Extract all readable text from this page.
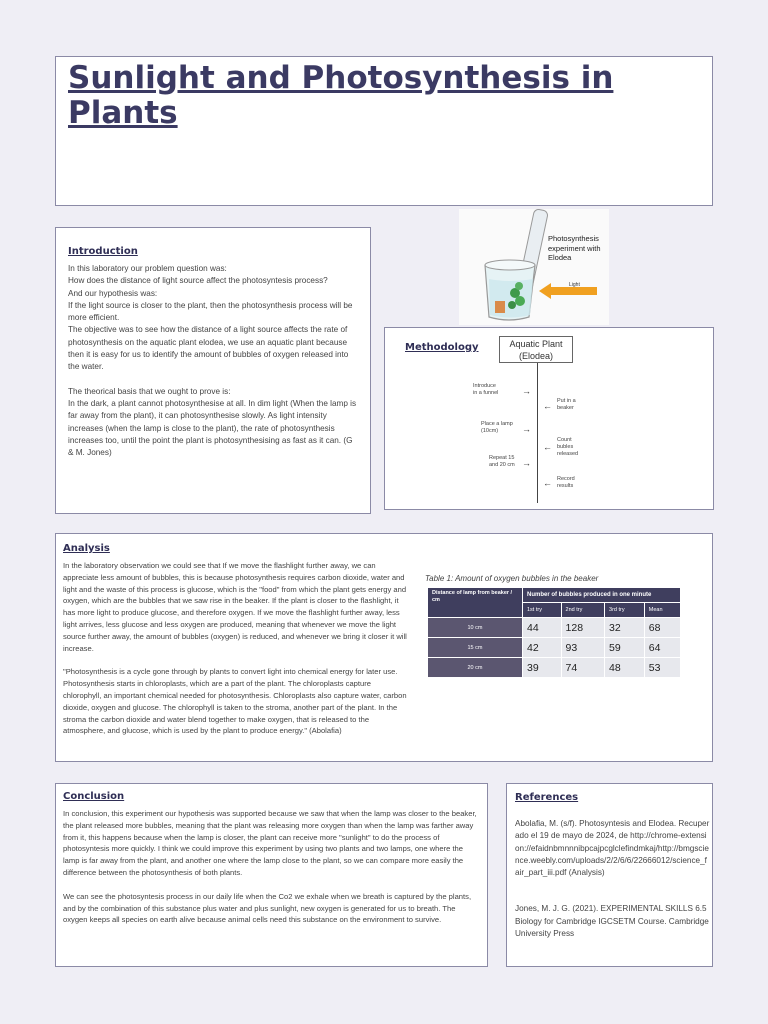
Sunlight and Photosynthesis in Plants

Introduction

In this laboratory our problem question was:
How does the distance of light source affect the photosyntesis process?
And our hypothesis was:
If the light source is closer to the plant, then the photosynthesis process will be more efficient.
The objective was to see how the distance of a light source affects the rate of photosynthesis on the aquatic plant elodea, we use an aquatic plant because then it is easy for us to identify the amount of bubbles of oxygen released into the water.

The theorical basis that we ought to prove is:
In the dark, a plant cannot photosynthesise at all. In dim light (When the lamp is far away from the plant), it can photosynthesise slowly. As light intensity increases (when the lamp is close to the plant), the rate of photosynthesis increases too, until the point the plant is photosynthesising as fast as it can. (G & M. Jones)

Light
Photosynthesis experiment with Elodea

Methodology	Aquatic Plant
(Elodea)
Introduce
in a funnel	→
Put in a
beaker
←
Place a lamp
(10cm)	→
Count
bubles
released
←
Repeat 15
and 20 cm →
Record
results
←

Analysis

In the laboratory observation we could see that If we move the flashlight further away, we can appreciate less amount of bubbles, this is because photosynthesis requires carbon dioxide, water and light and the waste of this process is glucose, which is the "food" from which the plant gets energy and oxygen, which are the bubbles that we saw rise in the beaker. If the plant is closer to the flashlight, it has more light to produce glucose, and therefore oxygen. If we move the flashlight further away, less light arrives, less glucose and less oxygen are produced, meaning that whenever we move the light source further away, the amount of bubbles (oxygen) is reduced, and whenever we bring it closer it will increase.

"Photosynthesis is a cycle gone through by plants to convert light into chemical energy for later use. Photosynthesis starts in chloroplasts, which are a part of the plant. The chloroplasts capture chlorophyll, an important chemical needed for photosynthesis. Chloroplasts also capture water, carbon dioxide, oxygen and glucose. The chlorophyll is taken to the stroma, another part of the plant. In the stroma the carbon dioxide and water blend together to make oxygen, that is released to the atmosphere, and glucose, which is used by the plant to produce energy." (Abolafia)

Table 1: Amount of oxygen bubbles in the beaker
Distance of lamp from beaker / cm	Number of bubbles produced in one minute			
	1st try	2nd try	3rd try	Mean
10 cm	44	128	32	68
15 cm	42	93	59	64
20 cm	39	74	48	53

Conclusion

In conclusion, this experiment our hypothesis was supported because we saw that when the lamp was closer to the beaker, the plant released more bubbles, meaning that the plant was releasing more oxygen than when the lamp was farther away from it, this happens because when the lamp is closer, the plant can receive more "sunlight" to do the process of photosyntesis more quickly. I think we could improve this experiment by using two plants and two lamps, one where the lamp is far away from the plant, and another one where the lamp close to the plant, so we can compare more easily the difference between the photosynthesis of both plants.

We can see the photosyntesis process in our daily life when the Co2 we exhale when we breath is captured by the plants, and by the combination of this substance plus water and plus sunlight, new oxygen is generated for us to breath. The oxygen keeps all species on earth alive because animal cells need this substance on the environment to survive.

References

Abolafia, M. (s/f). Photosyntesis and Elodea. Recuperado el 19 de mayo de 2024, de http://chrome-extension://efaidnbmnnnibpcajpcglclefindmkaj/http://bmgscience.weebly.com/uploads/2/2/6/6/22666012/science_fair_part_iii.pdf (Analysis)

Jones, M. J. G. (2021). EXPERIMENTAL SKILLS 6.5 Biology for Cambridge IGCSETM Course. Cambridge University Press
